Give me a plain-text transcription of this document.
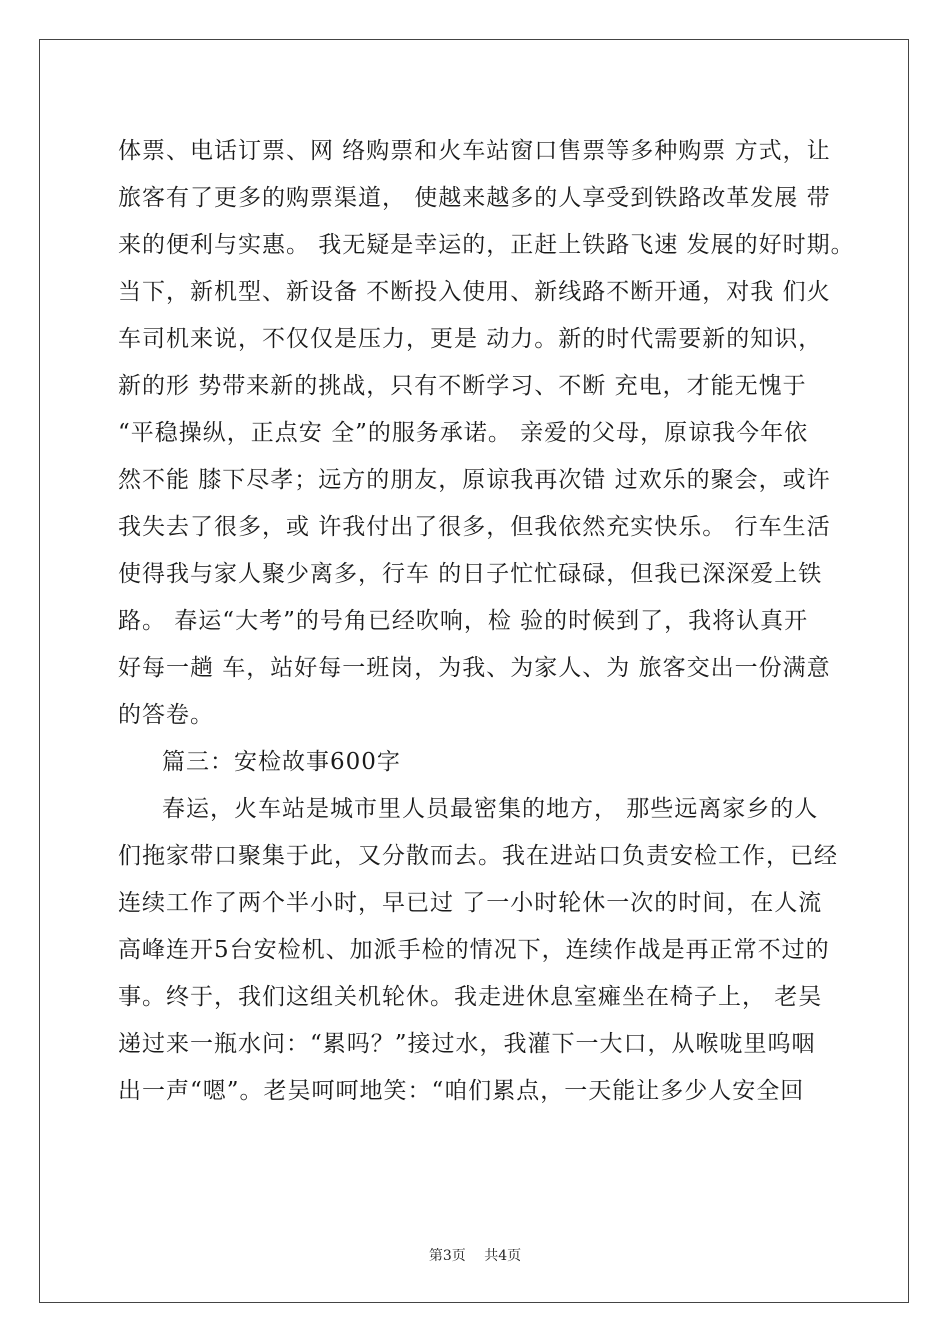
体票、电话订票、网 络购票和火车站窗口售票等多种购票 方式，让
旅客有了更多的购票渠道， 使越来越多的人享受到铁路改革发展 带
来的便利与实惠。 我无疑是幸运的，正赶上铁路飞速 发展的好时期。
当下，新机型、新设备 不断投入使用、新线路不断开通，对我 们火
车司机来说，不仅仅是压力，更是 动力。新的时代需要新的知识，
新的形 势带来新的挑战，只有不断学习、不断 充电，才能无愧于
“平稳操纵，正点安 全”的服务承诺。 亲爱的父母，原谅我今年依
然不能 膝下尽孝；远方的朋友，原谅我再次错 过欢乐的聚会，或许
我失去了很多，或 许我付出了很多，但我依然充实快乐。 行车生活
使得我与家人聚少离多，行车 的日子忙忙碌碌，但我已深深爱上铁
路。 春运“大考”的号角已经吹响，检 验的时候到了，我将认真开
好每一趟 车，站好每一班岗，为我、为家人、为 旅客交出一份满意
的答卷。
篇三：安检故事600字
春运，火车站是城市里人员最密集的地方， 那些远离家乡的人
们拖家带口聚集于此，又分散而去。我在进站口负责安检工作，已经
连续工作了两个半小时，早已过 了一小时轮休一次的时间，在人流
高峰连开5台安检机、加派手检的情况下，连续作战是再正常不过的
事。终于，我们这组关机轮休。我走进休息室瘫坐在椅子上， 老吴
递过来一瓶水问：“累吗？”接过水，我灌下一大口，从喉咙里呜咽
出一声“嗯”。老吴呵呵地笑：“咱们累点，一天能让多少人安全回
第3页 共4页
